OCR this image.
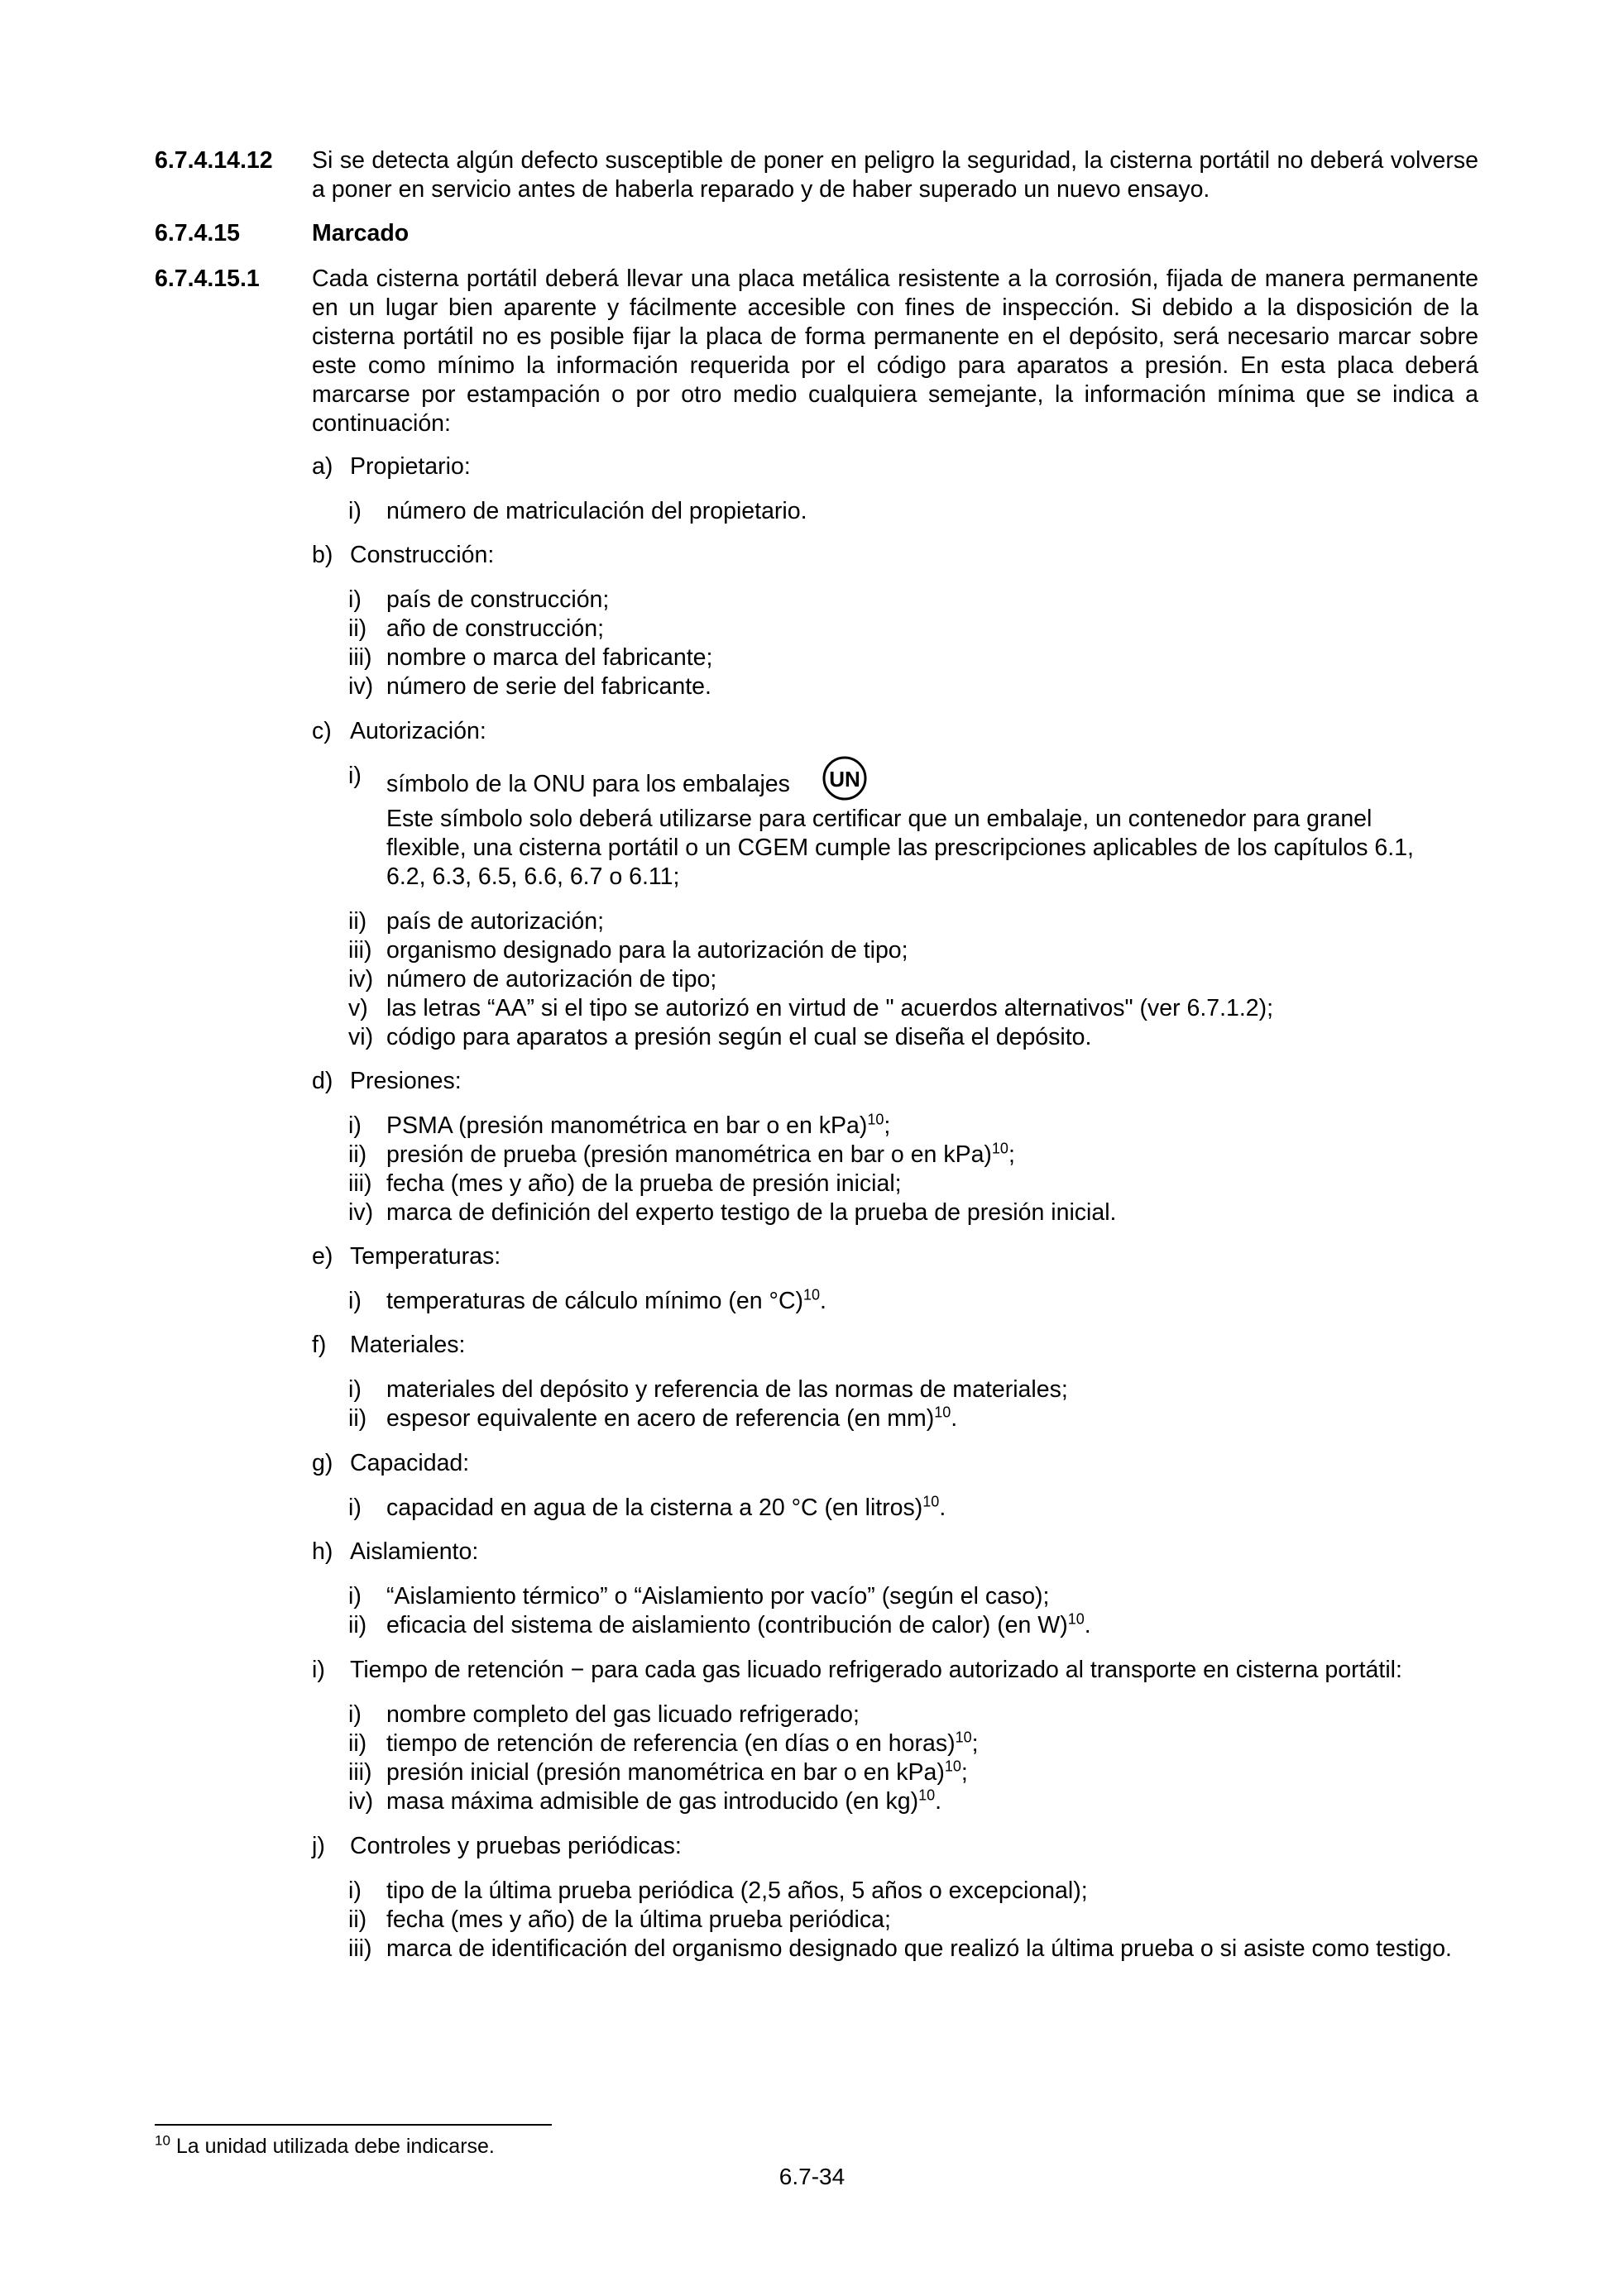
6.7.4.14.12	Si se detecta algún defecto susceptible de poner en peligro la seguridad, la cisterna portátil no deberá volverse a poner en servicio antes de haberla reparado y de haber superado un nuevo ensayo.
6.7.4.15	Marcado
6.7.4.15.1	Cada cisterna portátil deberá llevar una placa metálica resistente a la corrosión, fijada de manera permanente en un lugar bien aparente y fácilmente accesible con fines de inspección. Si debido a la disposición de la cisterna portátil no es posible fijar la placa de forma permanente en el depósito, será necesario marcar sobre este como mínimo la información requerida por el código para aparatos a presión. En esta placa deberá marcarse por estampación o por otro medio cualquiera semejante, la información mínima que se indica a continuación:
a) Propietario:
i)	número de matriculación del propietario.
b) Construcción:
i)	país de construcción;
ii) año de construcción;
iii) nombre o marca del fabricante;
iv) número de serie del fabricante.
c) Autorización:
i)	símbolo de la ONU para los embalajes UN
Este símbolo solo deberá utilizarse para certificar que un embalaje, un contenedor para granel
flexible, una cisterna portátil o un CGEM cumple las prescripciones aplicables de los capítulos 6.1,
6.2, 6.3, 6.5, 6.6, 6.7 o 6.11;
ii) país de autorización;
iii) organismo designado para la autorización de tipo;
iv) número de autorización de tipo;
v) las letras “AA” si el tipo se autorizó en virtud de " acuerdos alternativos" (ver 6.7.1.2);
vi) código para aparatos a presión según el cual se diseña el depósito.
d) Presiones:
i)	PSMA (presión manométrica en bar o en kPa)$^{10}$;
ii) presión de prueba (presión manométrica en bar o en kPa)$^{10}$;
iii) fecha (mes y año) de la prueba de presión inicial;
iv) marca de definición del experto testigo de la prueba de presión inicial.
e) Temperaturas:
i)	temperaturas de cálculo mínimo (en °C)$^{10}$.
f) Materiales:
i)	materiales del depósito y referencia de las normas de materiales;
ii) espesor equivalente en acero de referencia (en mm)$^{10}$.
g) Capacidad:
i)	capacidad en agua de la cisterna a 20 °C (en litros)$^{10}$.
h) Aislamiento:
i)	“Aislamiento térmico” o “Aislamiento por vacío” (según el caso);
ii) eficacia del sistema de aislamiento (contribución de calor) (en W)$^{10}$.
i) Tiempo de retención − para cada gas licuado refrigerado autorizado al transporte en cisterna portátil:
i)	nombre completo del gas licuado refrigerado;
ii) tiempo de retención de referencia (en días o en horas)$^{10}$;
iii) presión inicial (presión manométrica en bar o en kPa)$^{10}$;
iv) masa máxima admisible de gas introducido (en kg)$^{10}$.
j) Controles y pruebas periódicas:
i)	tipo de la última prueba periódica (2,5 años, 5 años o excepcional);
ii) fecha (mes y año) de la última prueba periódica;
iii) marca de identificación del organismo designado que realizó la última prueba o si asiste como testigo.
$^{10}$ La unidad utilizada debe indicarse.
6.7-34
